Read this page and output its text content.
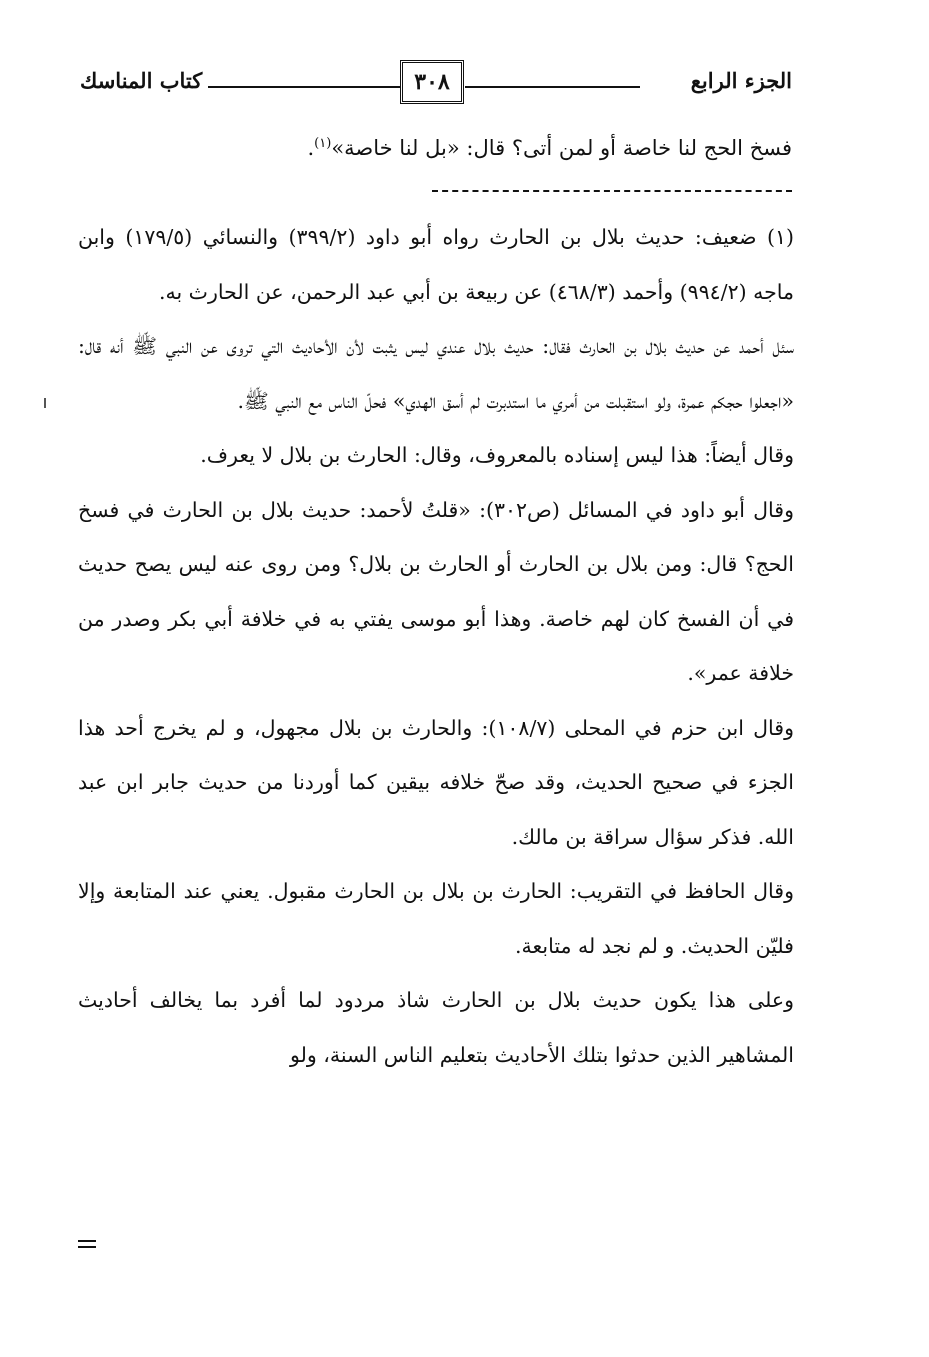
الجزء الرابع
٣٠٨
كتاب المناسك
فسخ الحج لنا خاصة أو لمن أتى؟ قال: «بل لنا خاصة»$^{(١)}$.

(١) ضعيف: حديث بلال بن الحارث رواه أبو داود (٣٩٩/٢) والنسائي (١٧٩/٥) وابن ماجه (٩٩٤/٢) وأحمد (٤٦٨/٣) عن ربيعة بن أبي عبد الرحمن، عن الحارث به.

سئل أحمد عن حديث بلال بن الحارث فقال: حديث بلال عندي ليس يثبت لأن الأحاديث التي تروى عن النبي ﷺ أنه قال: «اجعلوا حجكم عمرة، ولو استقبلت من أمري ما استدبرت لم أسق الهدي» فحلّ الناس مع النبي ﷺ.

وقال أيضاً: هذا ليس إسناده بالمعروف، وقال: الحارث بن بلال لا يعرف.

وقال أبو داود في المسائل (ص٣٠٢): «قلتُ لأحمد: حديث بلال بن الحارث في فسخ الحج؟ قال: ومن بلال بن الحارث أو الحارث بن بلال؟ ومن روى عنه ليس يصح حديث في أن الفسخ كان لهم خاصة. وهذا أبو موسى يفتي به في خلافة أبي بكر وصدر من خلافة عمر».

وقال ابن حزم في المحلى (١٠٨/٧): والحارث بن بلال مجهول، و لم يخرج أحد هذا الجزء في صحيح الحديث، وقد صحّ خلافه بيقين كما أوردنا من حديث جابر ابن عبد الله. فذكر سؤال سراقة بن مالك.

وقال الحافظ في التقريب: الحارث بن بلال بن الحارث مقبول. يعني عند المتابعة وإلا فليّن الحديث. و لم نجد له متابعة.

وعلى هذا يكون حديث بلال بن الحارث شاذ مردود لما أفرد بما يخالف أحاديث المشاهير الذين حدثوا بتلك الأحاديث بتعليم الناس السنة، ولو
